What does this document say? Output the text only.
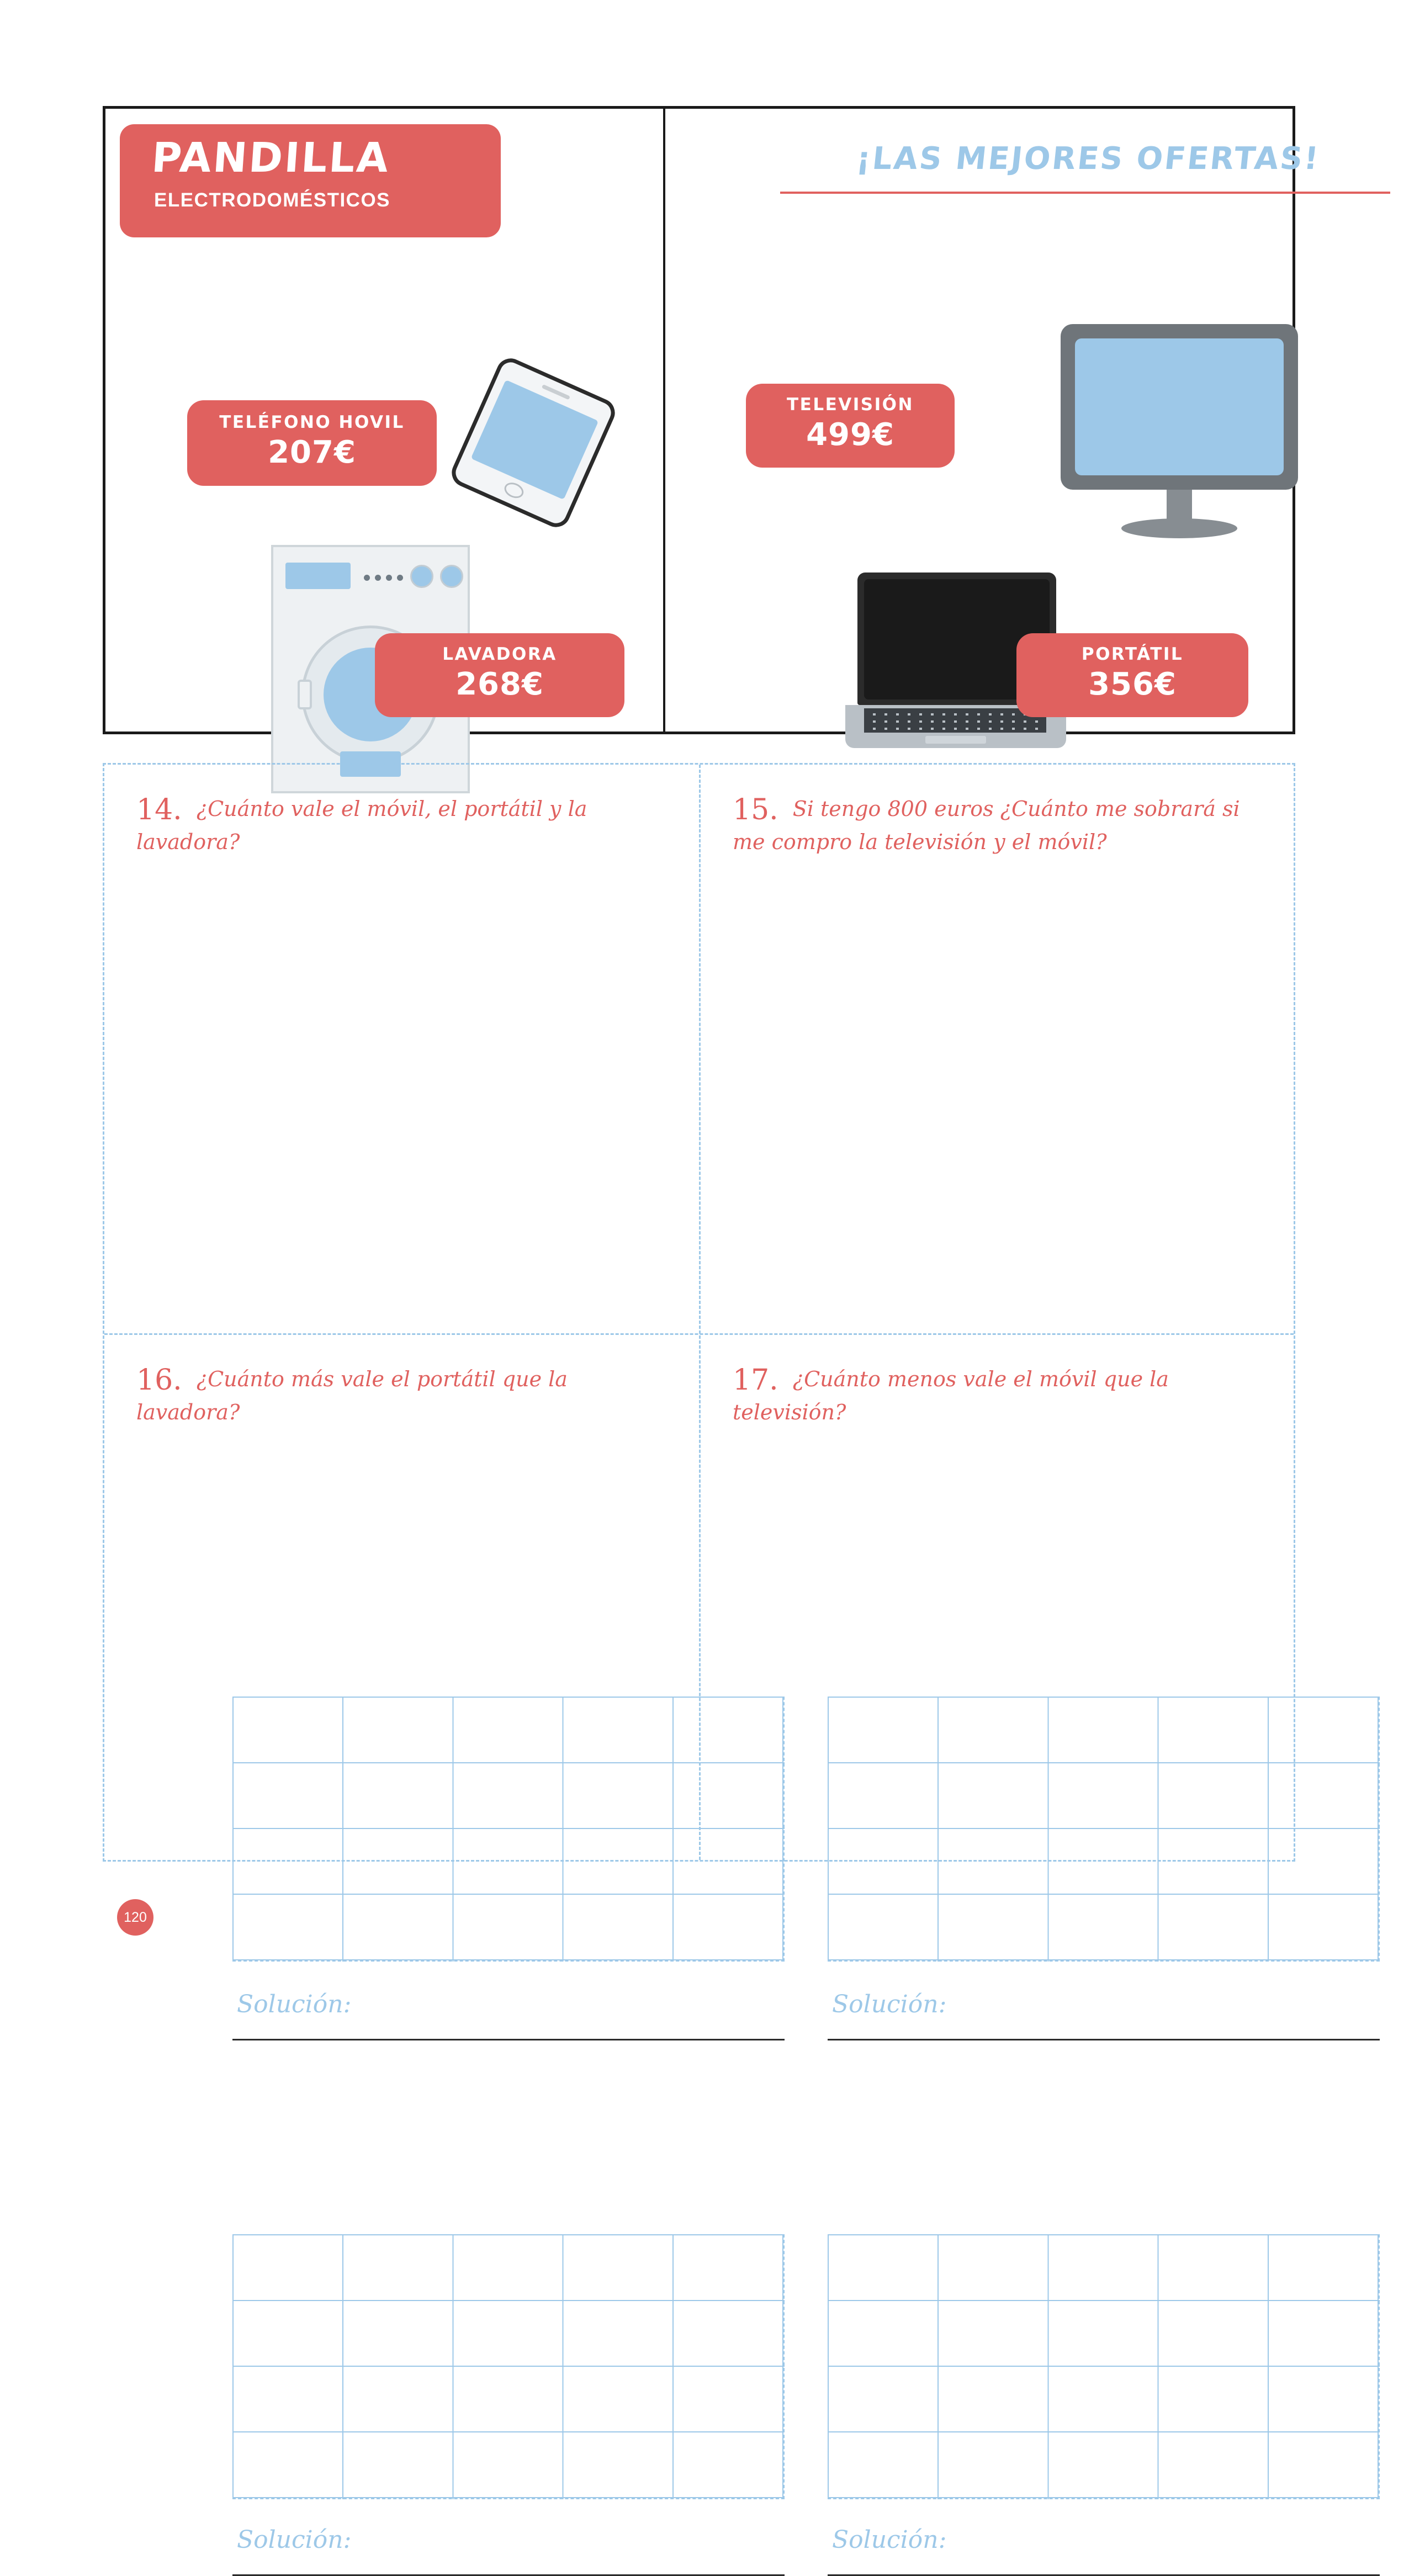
PANDILLA
ELECTRODOMÉSTICOS
¡LAS MEJORES OFERTAS!
TELÉFONO HOVIL
207€
LAVADORA
268€
TELEVISIÓN
499€
PORTÁTIL
356€
14. ¿Cuánto vale el móvil, el portátil y la lavadora?
Solución:
15. Si tengo 800 euros ¿Cuánto me sobrará si me compro la televisión y el móvil?
Solución:
16. ¿Cuánto más vale el portátil que la lavadora?
Solución:
17. ¿Cuánto menos vale el móvil que la televisión?
Solución:
120
